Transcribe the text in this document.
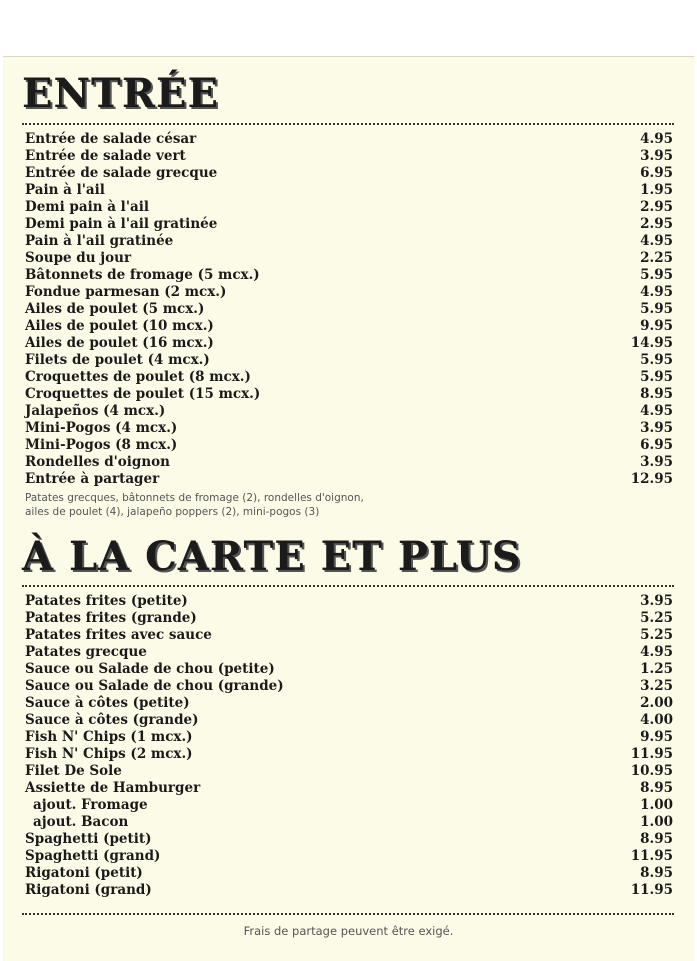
ENTRÉE
Entrée de salade césar	4.95
Entrée de salade vert	3.95
Entrée de salade grecque	6.95
Pain à l'ail	1.95
Demi pain à l'ail	2.95
Demi pain à l'ail gratinée	2.95
Pain à l'ail gratinée	4.95
Soupe du jour	2.25
Bâtonnets de fromage (5 mcx.)	5.95
Fondue parmesan (2 mcx.)	4.95
Ailes de poulet (5 mcx.)	5.95
Ailes de poulet (10 mcx.)	9.95
Ailes de poulet (16 mcx.)	14.95
Filets de poulet (4 mcx.)	5.95
Croquettes de poulet (8 mcx.)	5.95
Croquettes de poulet (15 mcx.)	8.95
Jalapeños (4 mcx.)	4.95
Mini-Pogos (4 mcx.)	3.95
Mini-Pogos (8 mcx.)	6.95
Rondelles d'oignon	3.95
Entrée à partager	12.95
Patates grecques, bâtonnets de fromage (2), rondelles d'oignon,
ailes de poulet (4), jalapeño poppers (2), mini-pogos (3)
À LA CARTE ET PLUS
Patates frites (petite)	3.95
Patates frites (grande)	5.25
Patates frites avec sauce	5.25
Patates grecque	4.95
Sauce ou Salade de chou (petite)	1.25
Sauce ou Salade de chou (grande)	3.25
Sauce à côtes (petite)	2.00
Sauce à côtes (grande)	4.00
Fish N' Chips (1 mcx.)	9.95
Fish N' Chips (2 mcx.)	11.95
Filet De Sole	10.95
Assiette de Hamburger	8.95
ajout. Fromage	1.00
ajout. Bacon	1.00
Spaghetti (petit)	8.95
Spaghetti (grand)	11.95
Rigatoni (petit)	8.95
Rigatoni (grand)	11.95
Frais de partage peuvent être exigé.
